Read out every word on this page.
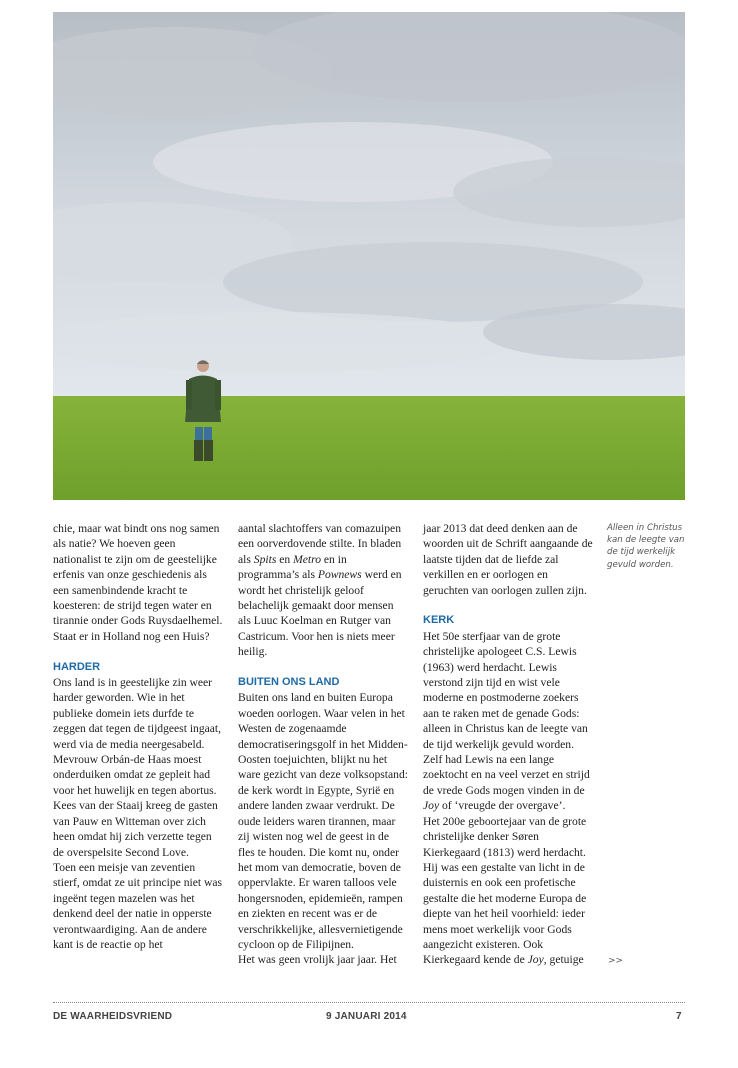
chie, maar wat bindt ons nog samen als natie? We hoeven geen nationalist te zijn om de geestelijke erfenis van onze geschiedenis als een samenbindende kracht te koesteren: de strijd tegen water en tirannie onder Gods Ruysdaelhemel. Staat er in Holland nog een Huis?

HARDER

Ons land is in geestelijke zin weer harder geworden. Wie in het publieke domein iets durfde te zeggen dat tegen de tijdgeest ingaat, werd via de media neergesabeld. Mevrouw Orbán-de Haas moest onderduiken omdat ze gepleit had voor het huwelijk en tegen abortus. Kees van der Staaij kreeg de gasten van Pauw en Witteman over zich heen omdat hij zich verzette tegen de overspelsite Second Love.

Toen een meisje van zeventien stierf, omdat ze uit principe niet was ingeënt tegen mazelen was het denkend deel der natie in opperste verontwaardiging. Aan de andere kant is de reactie op het

aantal slachtoffers van comazuipen een oorverdovende stilte. In bladen als Spits en Metro en in programma’s als Pownews werd en wordt het christelijk geloof belachelijk gemaakt door mensen als Luuc Koelman en Rutger van Castricum. Voor hen is niets meer heilig.

BUITEN ONS LAND

Buiten ons land en buiten Europa woeden oorlogen. Waar velen in het Westen de zogenaamde democratiseringsgolf in het Midden-Oosten toejuichten, blijkt nu het ware gezicht van deze volksopstand: de kerk wordt in Egypte, Syrië en andere landen zwaar verdrukt. De oude leiders waren tirannen, maar zij wisten nog wel de geest in de fles te houden. Die komt nu, onder het mom van democratie, boven de oppervlakte. Er waren talloos vele hongersnoden, epidemieën, rampen en ziekten en recent was er de verschrikkelijke, allesvernietigende cycloon op de Filipijnen.

Het was geen vrolijk jaar jaar. Het

jaar 2013 dat deed denken aan de woorden uit de Schrift aangaande de laatste tijden dat de liefde zal verkillen en er oorlogen en geruchten van oorlogen zullen zijn.

KERK

Het 50e sterfjaar van de grote christelijke apologeet C.S. Lewis (1963) werd herdacht. Lewis verstond zijn tijd en wist vele moderne en postmoderne zoekers aan te raken met de genade Gods: alleen in Christus kan de leegte van de tijd werkelijk gevuld worden. Zelf had Lewis na een lange zoektocht en na veel verzet en strijd de vrede Gods mogen vinden in de Joy of ‘vreugde der overgave’.

Het 200e geboortejaar van de grote christelijke denker Søren Kierkegaard (1813) werd herdacht. Hij was een gestalte van licht in de duisternis en ook een profetische gestalte die het moderne Europa de diepte van het heil voorhield: ieder mens moet werkelijk voor Gods aangezicht existeren. Ook Kierkegaard kende de Joy, getuige

Alleen in Christus kan de leegte van de tijd werkelijk gevuld worden.
>>
DE WAARHEIDSVRIEND	9 JANUARI 2014	7
